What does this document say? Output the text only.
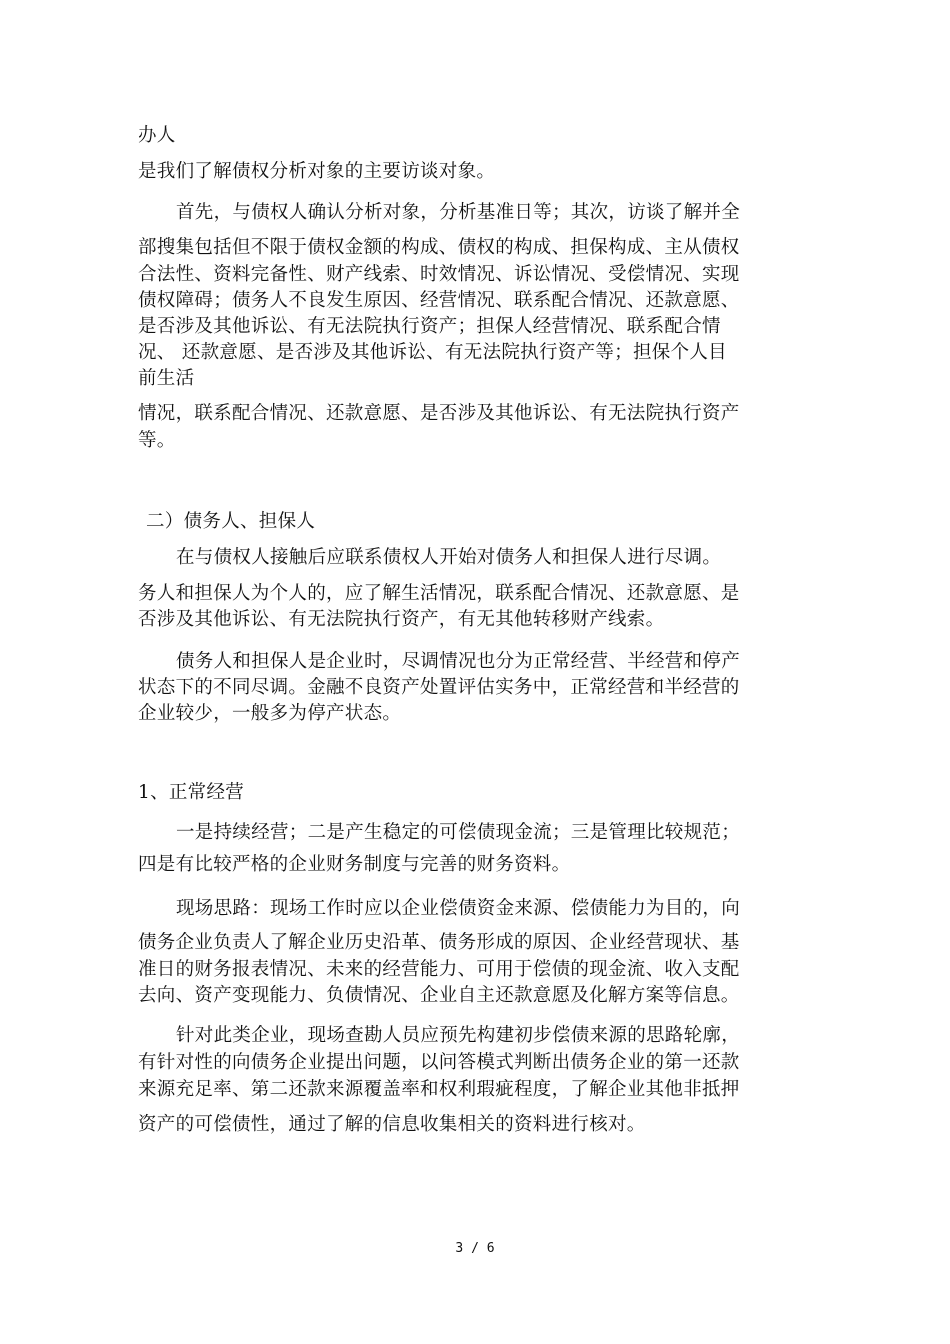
办人

是我们了解债权分析对象的主要访谈对象。

首先，与债权人确认分析对象，分析基准日等；其次，访谈了解并全

部搜集包括但不限于债权金额的构成、债权的构成、担保构成、主从债权

合法性、资料完备性、财产线索、时效情况、诉讼情况、受偿情况、实现

债权障碍；债务人不良发生原因、经营情况、联系配合情况、还款意愿、

是否涉及其他诉讼、有无法院执行资产；担保人经营情况、联系配合情

况、 还款意愿、是否涉及其他诉讼、有无法院执行资产等；担保个人目

前生活

情况，联系配合情况、还款意愿、是否涉及其他诉讼、有无法院执行资产

等。

二）债务人、担保人

在与债权人接触后应联系债权人开始对债务人和担保人进行尽调。

务人和担保人为个人的，应了解生活情况，联系配合情况、还款意愿、是

否涉及其他诉讼、有无法院执行资产，有无其他转移财产线索。

债务人和担保人是企业时，尽调情况也分为正常经营、半经营和停产

状态下的不同尽调。金融不良资产处置评估实务中，正常经营和半经营的

企业较少，一般多为停产状态。

1、正常经营

一是持续经营；二是产生稳定的可偿债现金流；三是管理比较规范；

四是有比较严格的企业财务制度与完善的财务资料。

现场思路：现场工作时应以企业偿债资金来源、偿债能力为目的，向

债务企业负责人了解企业历史沿革、债务形成的原因、企业经营现状、基

准日的财务报表情况、未来的经营能力、可用于偿债的现金流、收入支配

去向、资产变现能力、负债情况、企业自主还款意愿及化解方案等信息。

针对此类企业，现场查勘人员应预先构建初步偿债来源的思路轮廓，

有针对性的向债务企业提出问题，以问答模式判断出债务企业的第一还款

来源充足率、第二还款来源覆盖率和权利瑕疵程度，了解企业其他非抵押

资产的可偿债性，通过了解的信息收集相关的资料进行核对。

3 / 6
